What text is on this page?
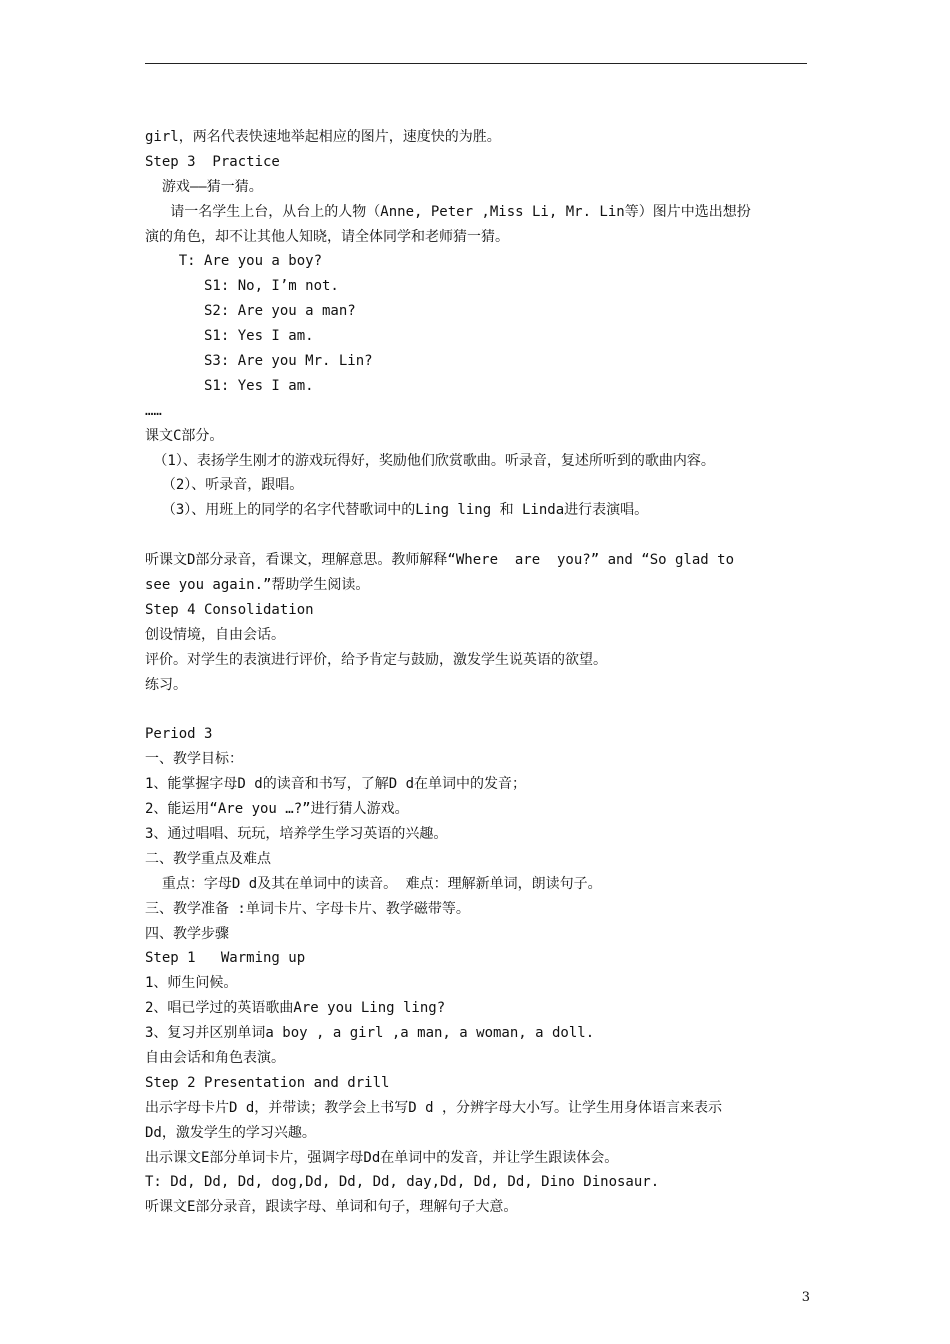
girl，两名代表快速地举起相应的图片，速度快的为胜。
Step 3  Practice
游戏——猜一猜。
请一名学生上台，从台上的人物（Anne, Peter ,Miss Li, Mr. Lin等）图片中选出想扮
演的角色，却不让其他人知晓，请全体同学和老师猜一猜。
T: Are you a boy?
S1: No, I’m not.
S2: Are you a man?
S1: Yes I am.
S3: Are you Mr. Lin?
S1: Yes I am.
……
课文C部分。
（1）、表扬学生刚才的游戏玩得好，奖励他们欣赏歌曲。听录音，复述所听到的歌曲内容。
（2）、听录音，跟唱。
（3）、用班上的同学的名字代替歌词中的Ling ling 和 Linda进行表演唱。
听课文D部分录音，看课文，理解意思。教师解释“Where  are  you?” and “So glad to
see you again.”帮助学生阅读。
Step 4 Consolidation
创设情境，自由会话。
评价。对学生的表演进行评价，给予肯定与鼓励，激发学生说英语的欲望。
练习。
Period 3
一、教学目标：
1、能掌握字母D d的读音和书写，了解D d在单词中的发音；
2、能运用“Are you …?”进行猜人游戏。
3、通过唱唱、玩玩，培养学生学习英语的兴趣。
二、教学重点及难点
重点：字母D d及其在单词中的读音。 难点：理解新单词，朗读句子。
三、教学准备 :单词卡片、字母卡片、教学磁带等。
四、教学步骤
Step 1   Warming up
1、师生问候。
2、唱已学过的英语歌曲Are you Ling ling?
3、复习并区别单词a boy , a girl ,a man, a woman, a doll.
自由会话和角色表演。
Step 2 Presentation and drill
出示字母卡片D d，并带读；教学会上书写D d ，分辨字母大小写。让学生用身体语言来表示
Dd，激发学生的学习兴趣。
出示课文E部分单词卡片，强调字母Dd在单词中的发音，并让学生跟读体会。
T: Dd, Dd, Dd, dog,Dd, Dd, Dd, day,Dd, Dd, Dd, Dino Dinosaur.
听课文E部分录音，跟读字母、单词和句子，理解句子大意。
3
